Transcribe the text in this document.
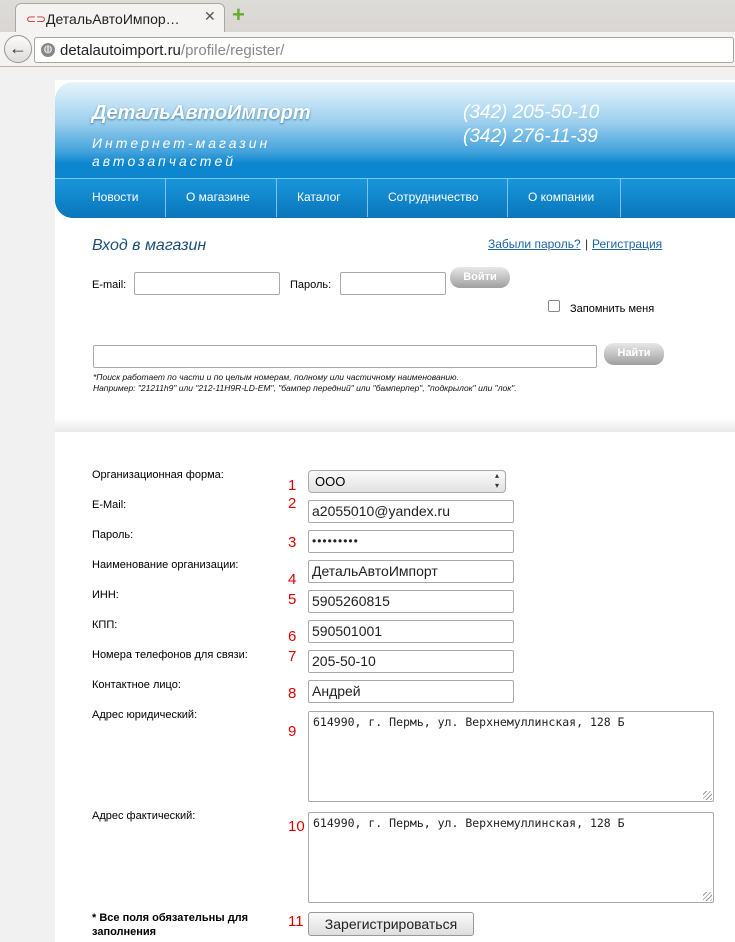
⊂⊃ ДетальАвтоИмпор… ✕ +
←	◍ detalautoimport.ru/profile/register/
ДетальАвтоИмпорт
Интернет-магазин
автозапчастей
(342) 205-50-10
(342) 276-11-39
Новости	О магазине	Каталог	Сотрудничество	О компании
Вход в магазин	Забыли пароль? | Регистрация
E-mail:	Пароль:
Войти
Запомнить меня
Найти
*Поиск работает по части и по целым номерам, полному или частичному наименованию.
Например: "21211h9" или "212-11H9R-LD-EM", "бампер передний" или "бамперпер", "подкрылок" или "лок".
Организационная форма:
1	ООО	▴
▾
E-Mail:	2 a2055010@yandex.ru
Пароль:	3	•••••••••
Наименование организации:
4 ДетальАвтоИмпорт
ИНН:	5 5905260815
КПП:
6 590501001
Номера телефонов для связи:	7 205-50-10
Контактное лицо:	8 Андрей
Адрес юридический:
9
614990, г. Пермь, ул. Верхнемуллинская, 128 Б
Адрес фактический:
10 614990, г. Пермь, ул. Верхнемуллинская, 128 Б
* Все поля обязательны для
заполнения
11	Зарегистрироваться
